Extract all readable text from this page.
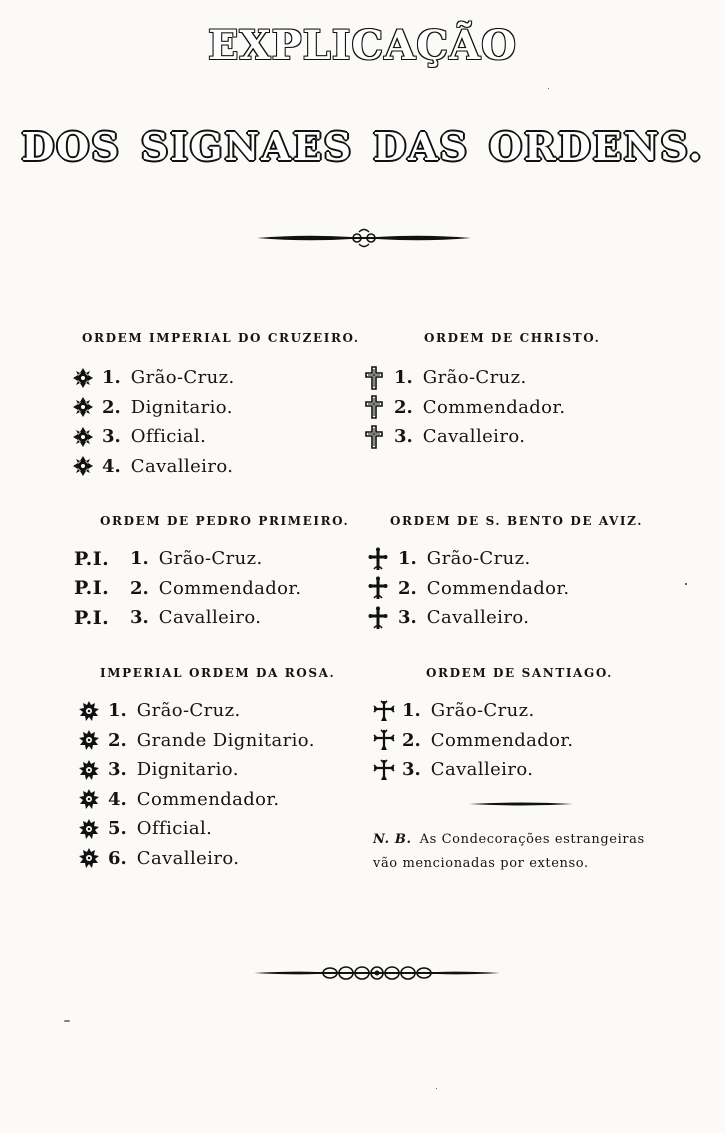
EXPLICAÇÃO
DOS SIGNAES DAS ORDENS.
ORDEM IMPERIAL DO CRUZEIRO.	ORDEM DE CHRISTO.
ORDEM DE PEDRO PRIMEIRO.	ORDEM DE S. BENTO DE AVIZ.
IMPERIAL ORDEM DA ROSA.	ORDEM DE SANTIAGO.
1. Grão-Cruz.
2. Dignitario.
3. Official.
4. Cavalleiro.
1. Grão-Cruz.
2. Commendador.
3. Cavalleiro.
P.I.	1. Grão-Cruz.
P.I.	2. Commendador.
P.I.	3. Cavalleiro.
1. Grão-Cruz.
2. Commendador.
3. Cavalleiro.
1. Grão-Cruz.
2. Grande Dignitario.
3. Dignitario.
4. Commendador.
5. Official.
6. Cavalleiro.
1. Grão-Cruz.
2. Commendador.
3. Cavalleiro.
N. B. As Condecorações estrangeiras
vão mencionadas por extenso.
